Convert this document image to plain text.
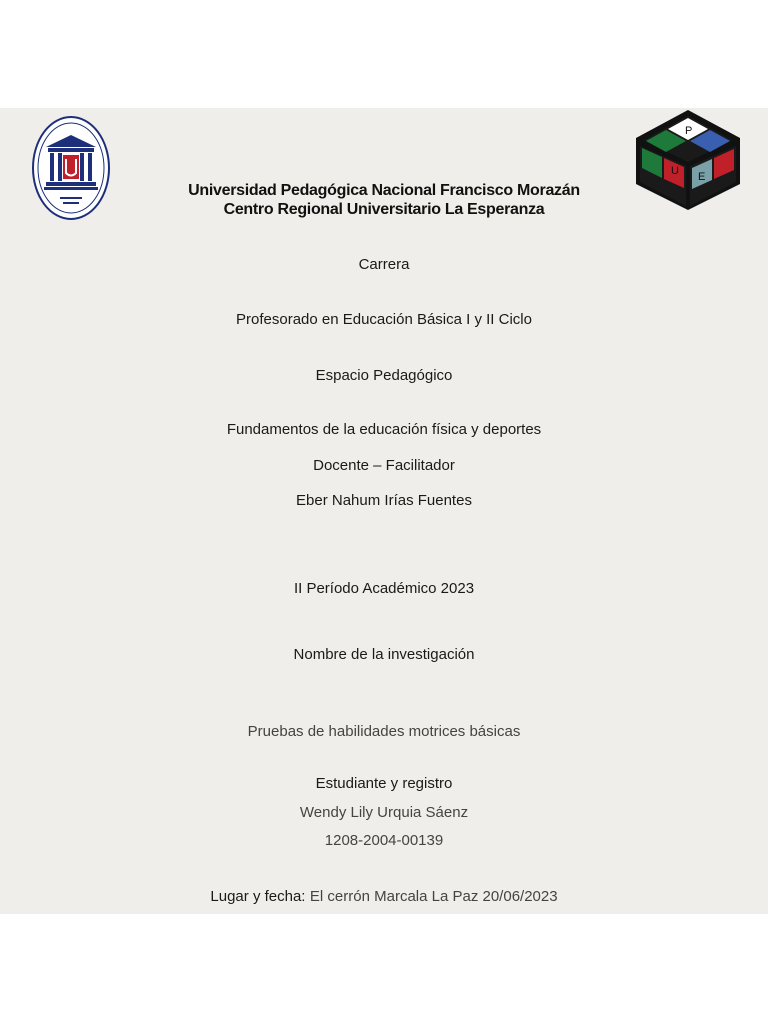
P
U E
Universidad Pedagógica Nacional Francisco Morazán
Centro Regional Universitario La Esperanza
Carrera
Profesorado en Educación Básica I y II Ciclo
Espacio Pedagógico
Fundamentos de la educación física y deportes
Docente – Facilitador
Eber Nahum Irías Fuentes
II Período Académico 2023
Nombre de la investigación
Pruebas de habilidades motrices básicas
Estudiante y registro
Wendy Lily Urquia Sáenz
1208-2004-00139
Lugar y fecha: El cerrón Marcala La Paz 20/06/2023
